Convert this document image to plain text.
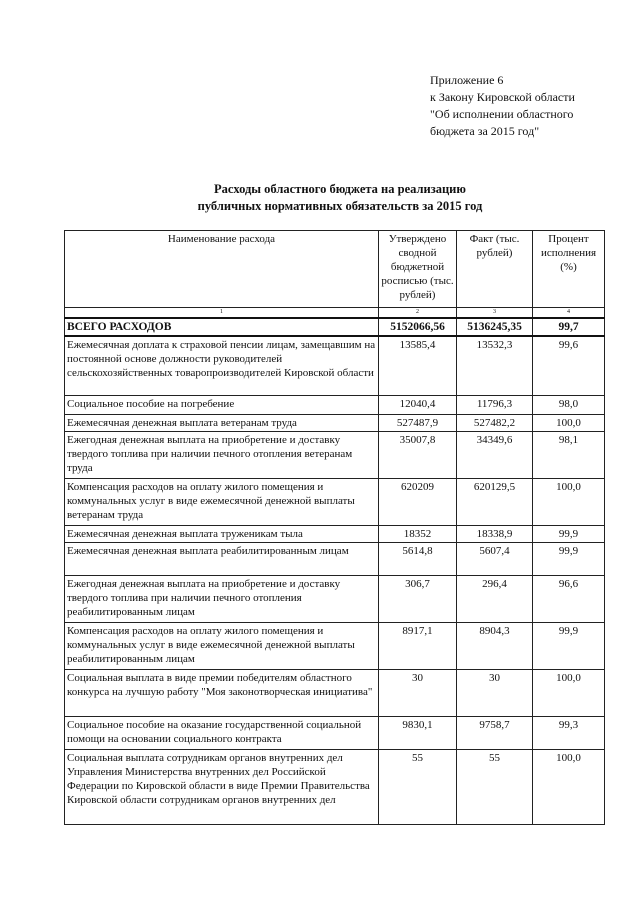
Приложение 6
к Закону Кировской области
"Об исполнении областного
бюджета за 2015 год"
Расходы областного бюджета на реализацию
публичных нормативных обязательств за 2015 год
Наименование расхода	Утверждено сводной бюджетной росписью (тыс. рублей)	Факт (тыс. рублей)	Процент исполнения (%)
1	2	3	4
ВСЕГО РАСХОДОВ	5152066,56	5136245,35	99,7
Ежемесячная доплата к страховой пенсии лицам, замещавшим на постоянной основе должности руководителей сельскохозяйственных товаропроизводителей Кировской области	13585,4	13532,3	99,6
Социальное пособие на погребение	12040,4	11796,3	98,0
Ежемесячная денежная выплата ветеранам труда	527487,9	527482,2	100,0
Ежегодная денежная выплата на приобретение и доставку твердого топлива при наличии печного отопления ветеранам труда	35007,8	34349,6	98,1
Компенсация расходов на оплату жилого помещения и коммунальных услуг в виде ежемесячной денежной выплаты ветеранам труда	620209	620129,5	100,0
Ежемесячная денежная выплата труженикам тыла	18352	18338,9	99,9
Ежемесячная денежная выплата реабилитированным лицам	5614,8	5607,4	99,9
Ежегодная денежная выплата на приобретение и доставку твердого топлива при наличии печного отопления реабилитированным лицам	306,7	296,4	96,6
Компенсация расходов на оплату жилого помещения и коммунальных услуг в виде ежемесячной денежной выплаты реабилитированным лицам	8917,1	8904,3	99,9
Социальная выплата в виде премии победителям областного конкурса на лучшую работу "Моя законотворческая инициатива"	30	30	100,0
Социальное пособие на оказание государственной социальной помощи на основании социального контракта	9830,1	9758,7	99,3
Социальная выплата сотрудникам органов внутренних дел Управления Министерства внутренних дел Российской Федерации по Кировской области в виде Премии Правительства Кировской области сотрудникам органов внутренних дел	55	55	100,0
